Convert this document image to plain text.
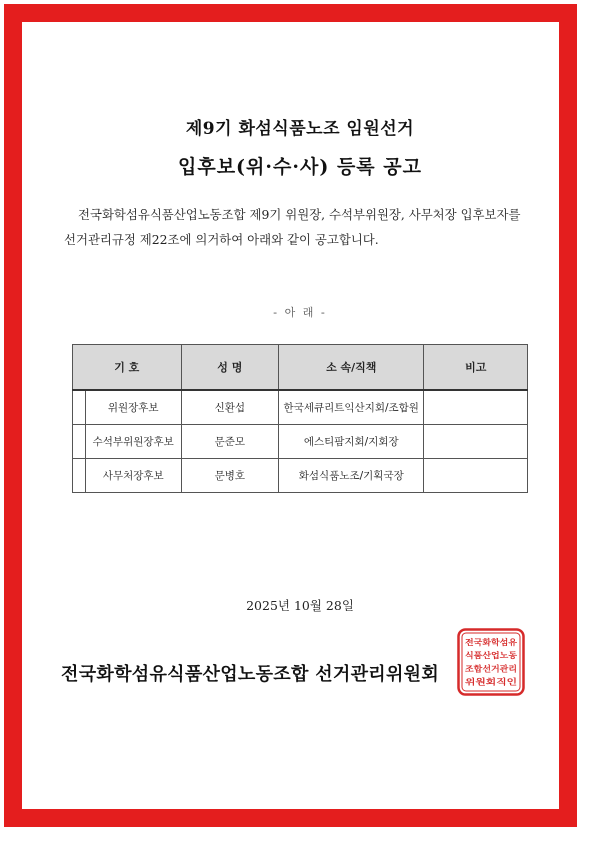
제9기 화섬식품노조 임원선거
입후보(위·수·사) 등록 공고
전국화학섬유식품산업노동조합 제9기 위원장, 수석부위원장, 사무처장 입후보자를
선거관리규정 제22조에 의거하여 아래와 같이 공고합니다.
- 아 래 -
기 호		성 명	소 속/직책	비고
	위원장후보	신환섭	한국세큐리트익산지회/조합원	
	수석부위원장후보	문준모	에스티팜지회/지회장	
	사무처장후보	문병호	화섬식품노조/기획국장	
2025년 10월 28일
전국화학섬유식품산업노동조합 선거관리위원회
전국화학섬유
식품산업노동
조합선거관리
위원회직인
